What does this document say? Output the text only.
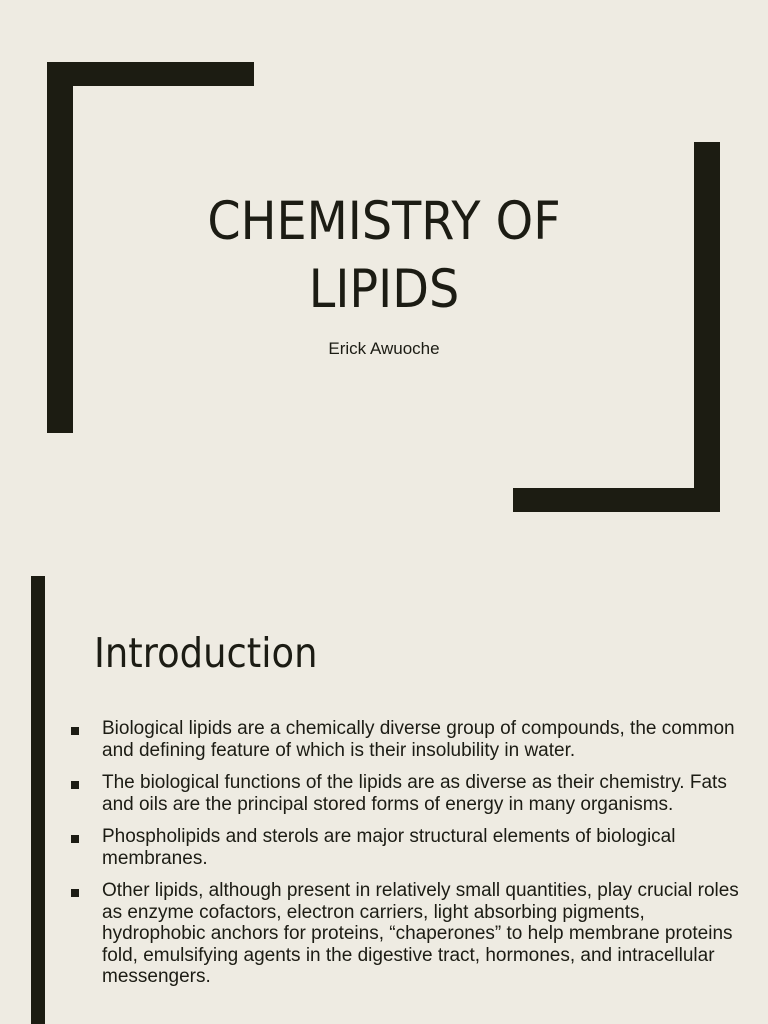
CHEMISTRY OF
LIPIDS

Erick Awuoche

Introduction
Biological lipids are a chemically diverse group of compounds, the common and defining feature of which is their insolubility in water.
The biological functions of the lipids are as diverse as their chemistry. Fats and oils are the principal stored forms of energy in many organisms.
Phospholipids and sterols are major structural elements of biological membranes.
Other lipids, although present in relatively small quantities, play crucial roles as enzyme cofactors, electron carriers, light absorbing pigments, hydrophobic anchors for proteins, “chaperones” to help membrane proteins fold, emulsifying agents in the digestive tract, hormones, and intracellular messengers.
